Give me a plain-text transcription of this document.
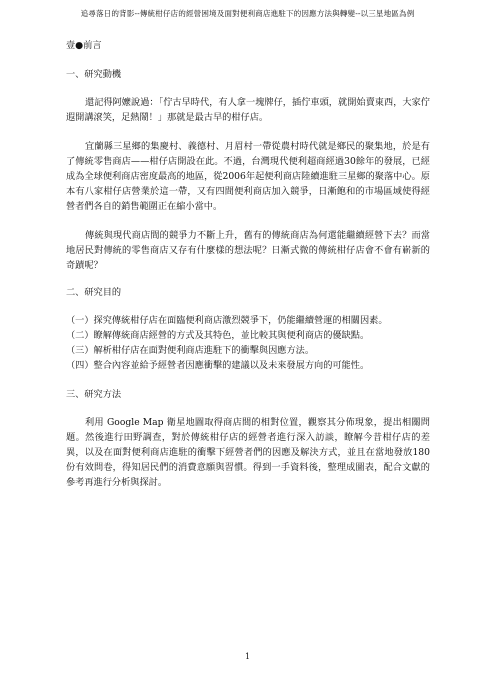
追尋落日的背影--傳統柑仔店的經營困境及面對便利商店進駐下的因應方法與轉變--以三星地區為例
壹●前言
一、研究動機

還記得阿嬤說過：「佇古早時代，有人拿一塊牌仔，插佇車頭，就開始賣東西，大家佇遐開講滾笑，足熱鬧！」那就是最古早的柑仔店。

宜蘭縣三星鄉的集慶村、義德村、月眉村一帶從農村時代就是鄉民的聚集地，於是有了傳統零售商店——柑仔店開設在此。不過，台灣現代便利超商經過30餘年的發展，已經成為全球便利商店密度最高的地區，從2006年起便利商店陸續進駐三星鄉的聚落中心。原本有八家柑仔店營業於這一帶，又有四間便利商店加入競爭，日漸飽和的市場區域使得經營者們各自的銷售範圍正在縮小當中。

傳統與現代商店間的競爭力不斷上升，舊有的傳統商店為何還能繼續經營下去？而當地居民對傳統的零售商店又存有什麼樣的想法呢？日漸式微的傳統柑仔店會不會有嶄新的奇蹟呢？

二、研究目的

（一）探究傳統柑仔店在面臨便利商店激烈競爭下，仍能繼續營運的相關因素。

（二）瞭解傳統商店經營的方式及其特色，並比較其與便利商店的優缺點。

（三）解析柑仔店在面對便利商店進駐下的衝擊與因應方法。

（四）整合內容並給予經營者因應衝擊的建議以及未來發展方向的可能性。

三、研究方法

利用 Google Map 衛星地圖取得商店間的相對位置，觀察其分佈現象，提出相關問題。然後進行田野調查，對於傳統柑仔店的經營者進行深入訪談，瞭解今昔柑仔店的差異，以及在面對便利商店進駐的衝擊下經營者們的因應及解決方式，並且在當地發放180份有效問卷，得知居民們的消費意願與習慣。得到一手資料後，整理成圖表，配合文獻的參考再進行分析與探討。

1
